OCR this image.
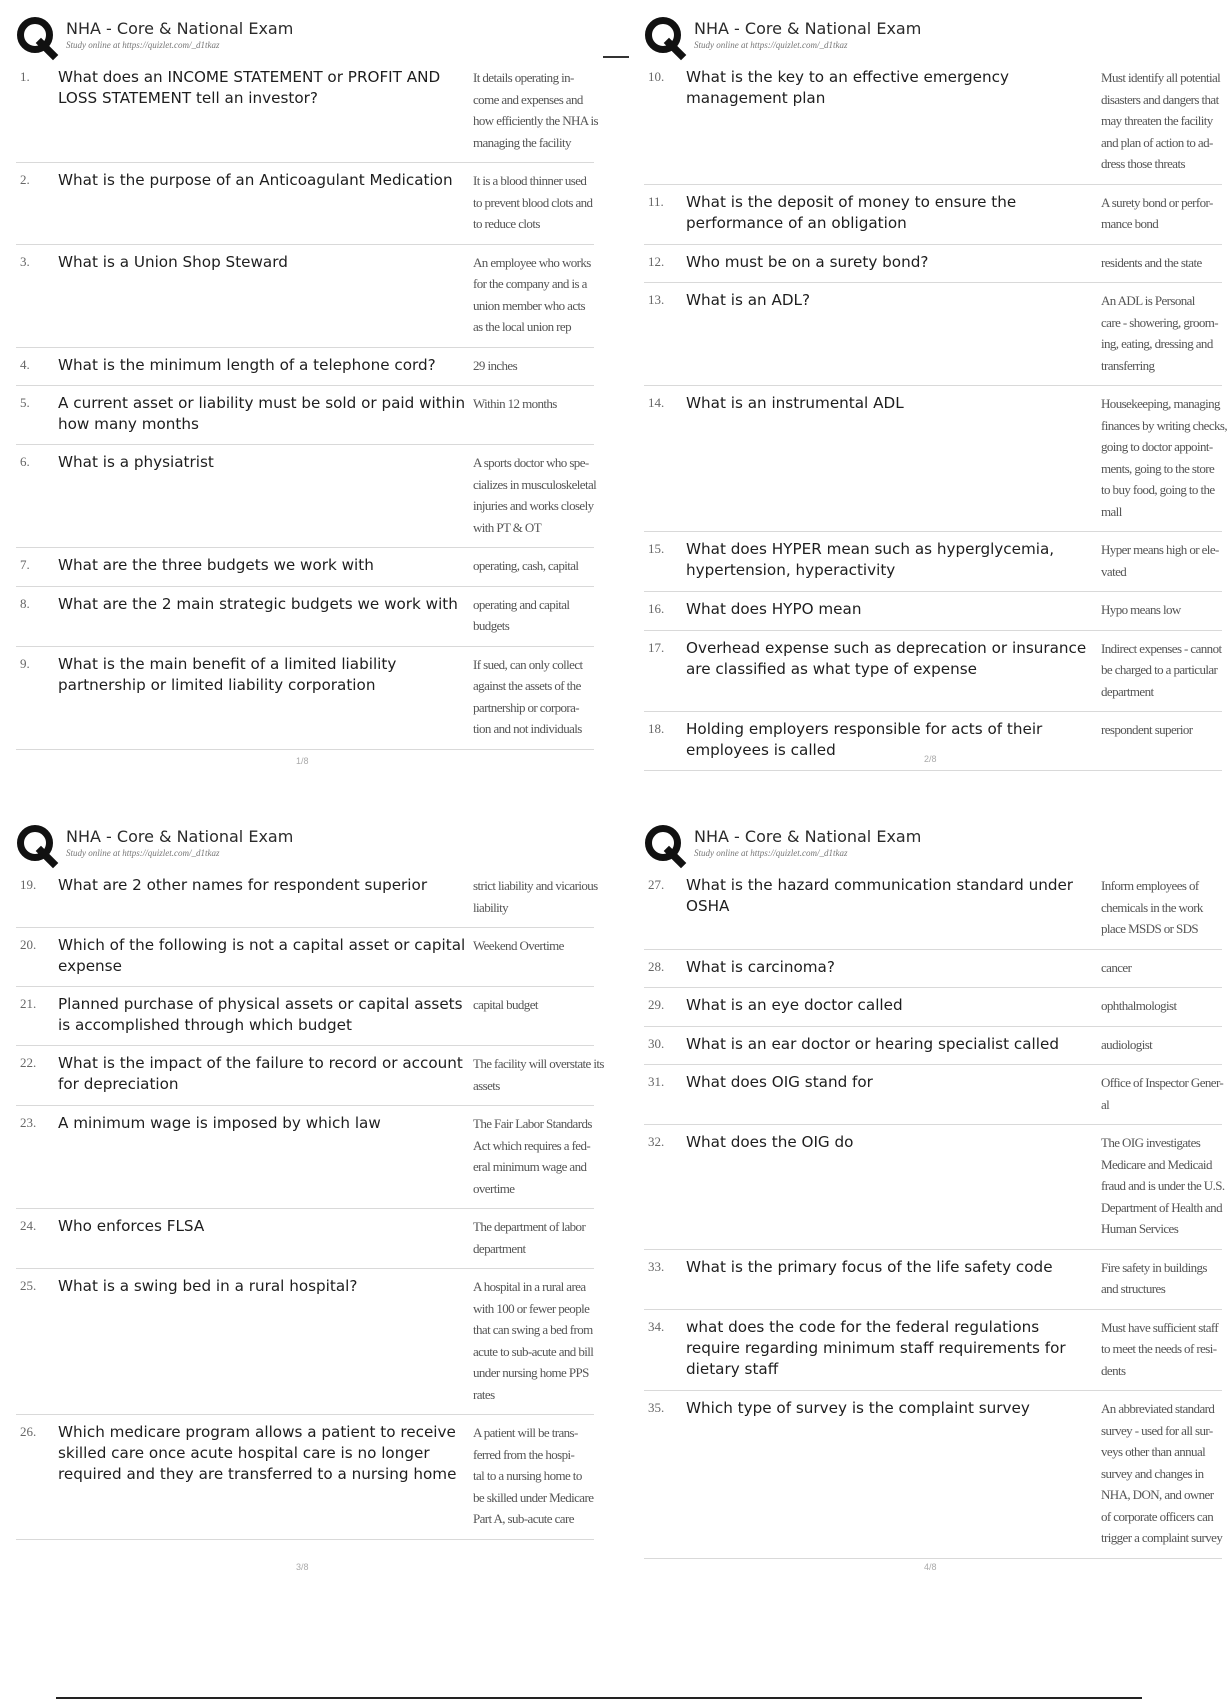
NHA - Core & National Exam
Study online at https://quizlet.com/_d1tkaz
1.	What does an INCOME STATEMENT or PROFIT AND LOSS STATEMENT tell an investor?
It details operating in-
come and expenses and
how efficiently the NHA is
managing the facility
2.	What is the purpose of an Anticoagulant Medication	It is a blood thinner used
to prevent blood clots and
to reduce clots
3.	What is a Union Shop Steward	An employee who works
for the company and is a
union member who acts
as the local union rep
4.	What is the minimum length of a telephone cord?	29 inches
5.	A current asset or liability must be sold or paid within how many months
Within 12 months
6.	What is a physiatrist	A sports doctor who spe-
cializes in musculoskeletal
injuries and works closely
with PT & OT
7.	What are the three budgets we work with	operating, cash, capital
8.	What are the 2 main strategic budgets we work with	operating and capital
budgets
9.	What is the main benefit of a limited liability partnership or limited liability corporation
If sued, can only collect
against the assets of the
partnership or corpora-
tion and not individuals
1/8
NHA - Core & National Exam
Study online at https://quizlet.com/_d1tkaz
10.	What is the key to an effective emergency management plan
Must identify all potential
disasters and dangers that
may threaten the facility
and plan of action to ad-
dress those threats
11.	What is the deposit of money to ensure the performance of an obligation
A surety bond or perfor-
mance bond
12.	Who must be on a surety bond?	residents and the state
13.	What is an ADL?	An ADL is Personal
care - showering, groom-
ing, eating, dressing and
transferring
14.	What is an instrumental ADL	Housekeeping, managing
finances by writing checks,
going to doctor appoint-
ments, going to the store
to buy food, going to the
mall
15.	What does HYPER mean such as hyperglycemia, hypertension, hyperactivity
Hyper means high or ele-
vated
16.	What does HYPO mean	Hypo means low
17.	Overhead expense such as deprecation or insurance are classified as what type of expense
Indirect expenses - cannot
be charged to a particular
department
18.	Holding employers responsible for acts of their employees is called
respondent superior
2/8
NHA - Core & National Exam
Study online at https://quizlet.com/_d1tkaz
19.	What are 2 other names for respondent superior	strict liability and vicarious
liability
20.	Which of the following is not a capital asset or capital expense
Weekend Overtime
21.	Planned purchase of physical assets or capital assets is accomplished through which budget
capital budget
22.	What is the impact of the failure to record or account for depreciation
The facility will overstate its
assets
23.	A minimum wage is imposed by which law	The Fair Labor Standards
Act which requires a fed-
eral minimum wage and
overtime
24.	Who enforces FLSA	The department of labor
department
25.	What is a swing bed in a rural hospital?	A hospital in a rural area
with 100 or fewer people
that can swing a bed from
acute to sub-acute and bill
under nursing home PPS
rates
26.	Which medicare program allows a patient to receive skilled care once acute hospital care is no longer required and they are transferred to a nursing home
A patient will be trans-
ferred from the hospi-
tal to a nursing home to
be skilled under Medicare
Part A, sub-acute care
3/8
NHA - Core & National Exam
Study online at https://quizlet.com/_d1tkaz
27.	What is the hazard communication standard under OSHA
Inform employees of
chemicals in the work
place MSDS or SDS
28.	What is carcinoma?	cancer
29.	What is an eye doctor called	ophthalmologist
30.	What is an ear doctor or hearing specialist called	audiologist
31.	What does OIG stand for	Office of Inspector Gener-
al
32.	What does the OIG do	The OIG investigates
Medicare and Medicaid
fraud and is under the U.S.
Department of Health and
Human Services
33.	What is the primary focus of the life safety code	Fire safety in buildings
and structures
34.	what does the code for the federal regulations require regarding minimum staff requirements for dietary staff
Must have sufficient staff
to meet the needs of resi-
dents
35.	Which type of survey is the complaint survey	An abbreviated standard
survey - used for all sur-
veys other than annual
survey and changes in
NHA, DON, and owner
of corporate officers can
trigger a complaint survey
4/8
